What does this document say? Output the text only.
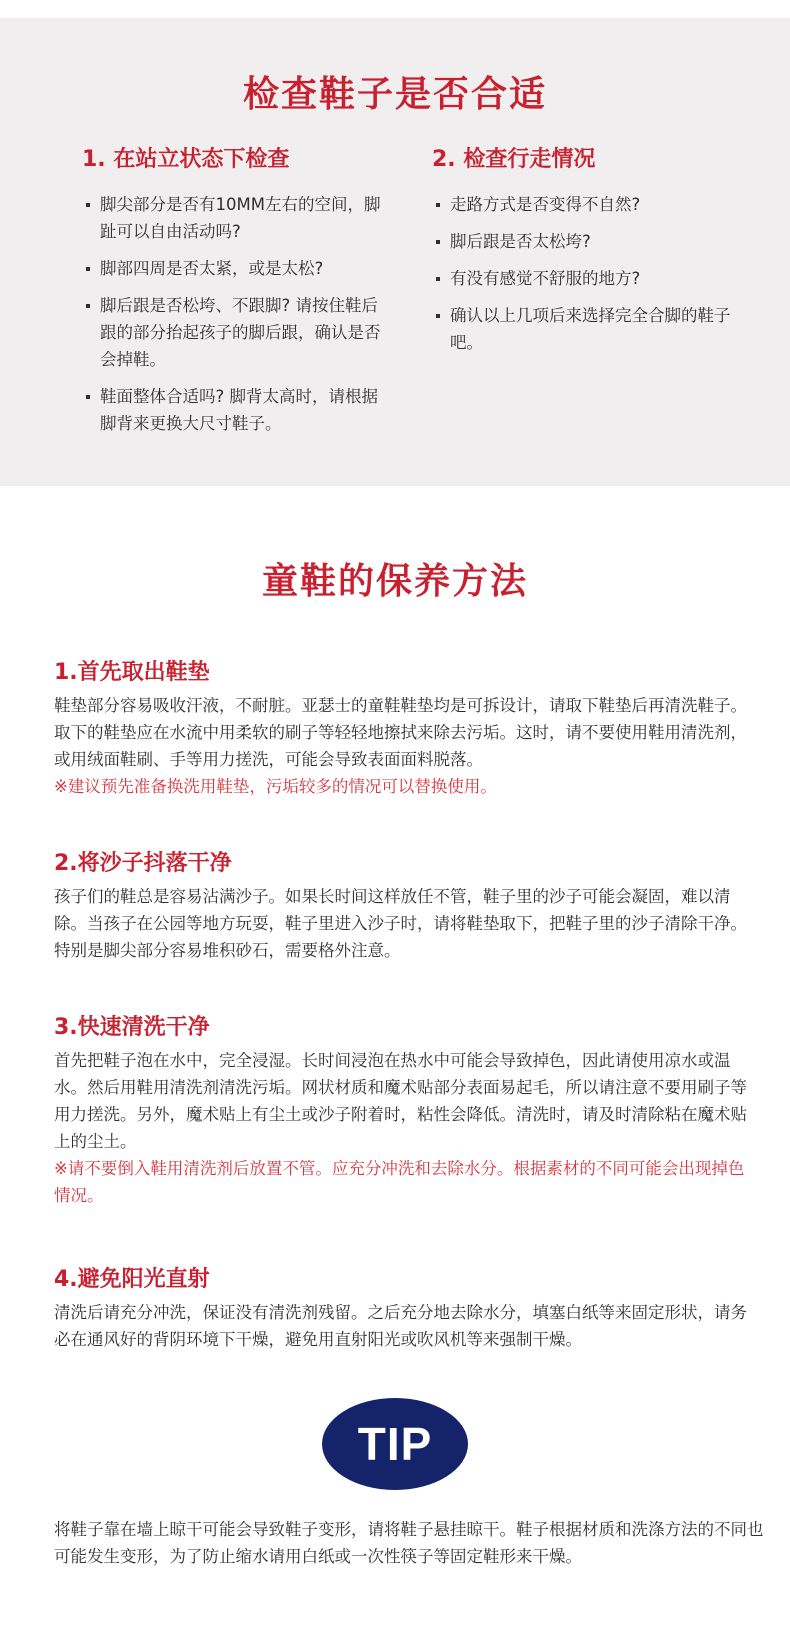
检查鞋子是否合适
1. 在站立状态下检查
脚尖部分是否有10MM左右的空间，脚趾可以自由活动吗?
脚部四周是否太紧，或是太松?
脚后跟是否松垮、不跟脚? 请按住鞋后跟的部分抬起孩子的脚后跟，确认是否会掉鞋。
鞋面整体合适吗? 脚背太高时，请根据脚背来更换大尺寸鞋子。
2. 检查行走情况
走路方式是否变得不自然?
脚后跟是否太松垮?
有没有感觉不舒服的地方?
确认以上几项后来选择完全合脚的鞋子吧。
童鞋的保养方法
1.首先取出鞋垫

鞋垫部分容易吸收汗液，不耐脏。亚瑟士的童鞋鞋垫均是可拆设计，请取下鞋垫后再清洗鞋子。取下的鞋垫应在水流中用柔软的刷子等轻轻地擦拭来除去污垢。这时，请不要使用鞋用清洗剂，或用绒面鞋刷、手等用力搓洗，可能会导致表面面料脱落。

※建议预先准备换洗用鞋垫，污垢较多的情况可以替换使用。

2.将沙子抖落干净

孩子们的鞋总是容易沾满沙子。如果长时间这样放任不管，鞋子里的沙子可能会凝固，难以清除。当孩子在公园等地方玩耍，鞋子里进入沙子时，请将鞋垫取下，把鞋子里的沙子清除干净。特别是脚尖部分容易堆积砂石，需要格外注意。

3.快速清洗干净

首先把鞋子泡在水中，完全浸湿。长时间浸泡在热水中可能会导致掉色，因此请使用凉水或温水。然后用鞋用清洗剂清洗污垢。网状材质和魔术贴部分表面易起毛，所以请注意不要用刷子等用力搓洗。另外，魔术贴上有尘土或沙子附着时，粘性会降低。清洗时，请及时清除粘在魔术贴上的尘土。

※请不要倒入鞋用清洗剂后放置不管。应充分冲洗和去除水分。根据素材的不同可能会出现掉色情况。

4.避免阳光直射

清洗后请充分冲洗，保证没有清洗剂残留。之后充分地去除水分，填塞白纸等来固定形状，请务必在通风好的背阴环境下干燥，避免用直射阳光或吹风机等来强制干燥。

TIP

将鞋子靠在墙上晾干可能会导致鞋子变形，请将鞋子悬挂晾干。鞋子根据材质和洗涤方法的不同也可能发生变形，为了防止缩水请用白纸或一次性筷子等固定鞋形来干燥。
